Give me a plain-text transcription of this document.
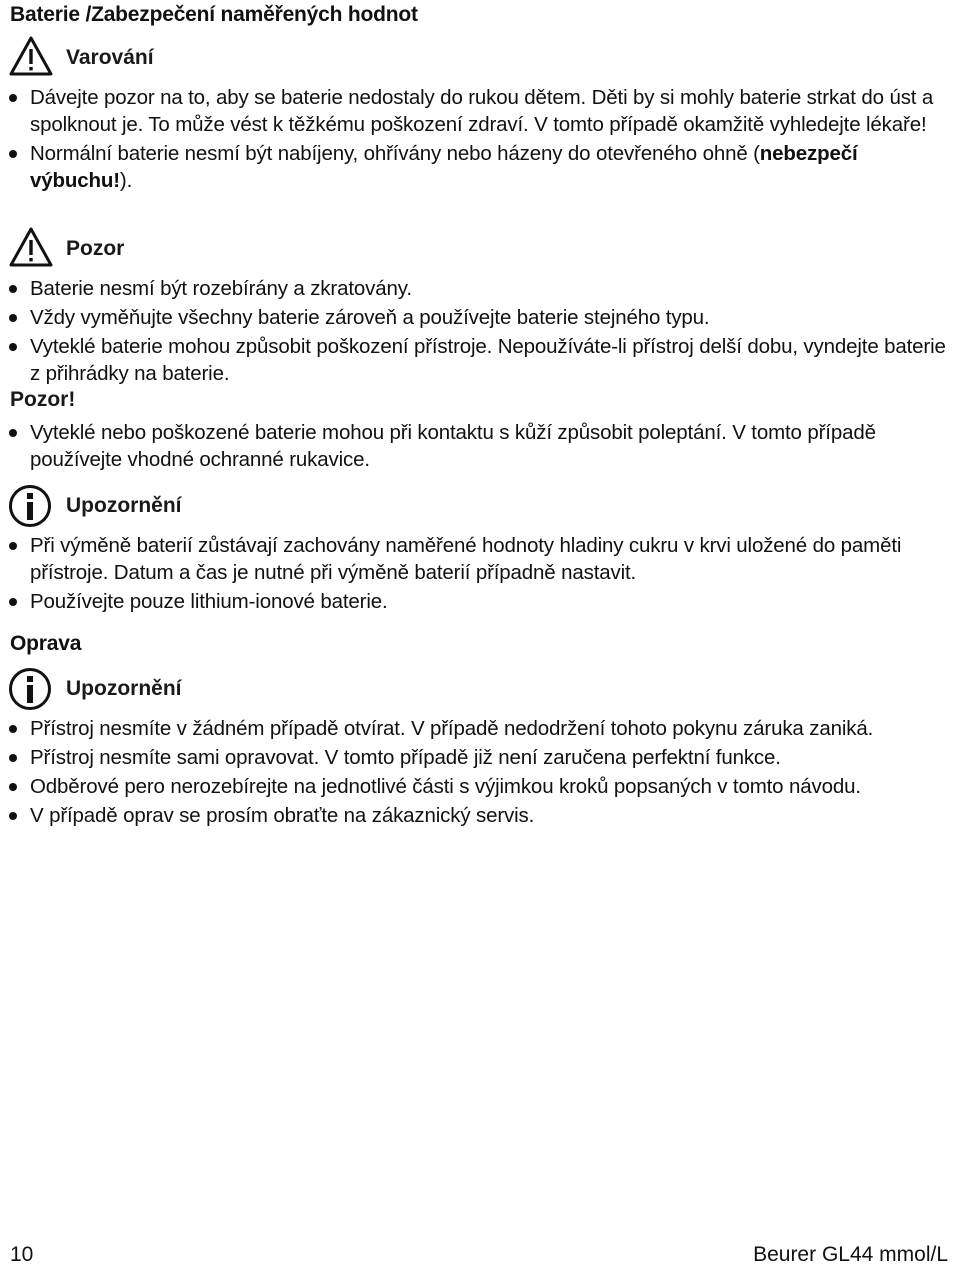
Baterie /Zabezpečení naměřených hodnot
Varování
Dávejte pozor na to, aby se baterie nedostaly do rukou dětem. Děti by si mohly baterie strkat do úst a spolknout je. To může vést k těžkému poškození zdraví. V tomto případě okamžitě vyhledejte lékaře!
Normální baterie nesmí být nabíjeny, ohřívány nebo házeny do otevřeného ohně (nebezpečí výbuchu!).
Pozor
Baterie nesmí být rozebírány a zkratovány.
Vždy vyměňujte všechny baterie zároveň a používejte baterie stejného typu.
Vyteklé baterie mohou způsobit poškození přístroje. Nepoužíváte-li přístroj delší dobu, vyndejte baterie z přihrádky na baterie.
Pozor!
Vyteklé nebo poškozené baterie mohou při kontaktu s kůží způsobit poleptání. V tomto případě používejte vhodné ochranné rukavice.
Upozornění
Při výměně baterií zůstávají zachovány naměřené hodnoty hladiny cukru v krvi uložené do paměti přístroje. Datum a čas je nutné při výměně baterií případně nastavit.
Používejte pouze lithium-ionové baterie.
Oprava
Upozornění
Přístroj nesmíte v žádném případě otvírat. V případě nedodržení tohoto pokynu záruka zaniká.
Přístroj nesmíte sami opravovat. V tomto případě již není zaručena perfektní funkce.
Odběrové pero nerozebírejte na jednotlivé části s výjimkou kroků popsaných v tomto návodu.
V případě oprav se prosím obraťte na zákaznický servis.
10	Beurer GL44 mmol/L
